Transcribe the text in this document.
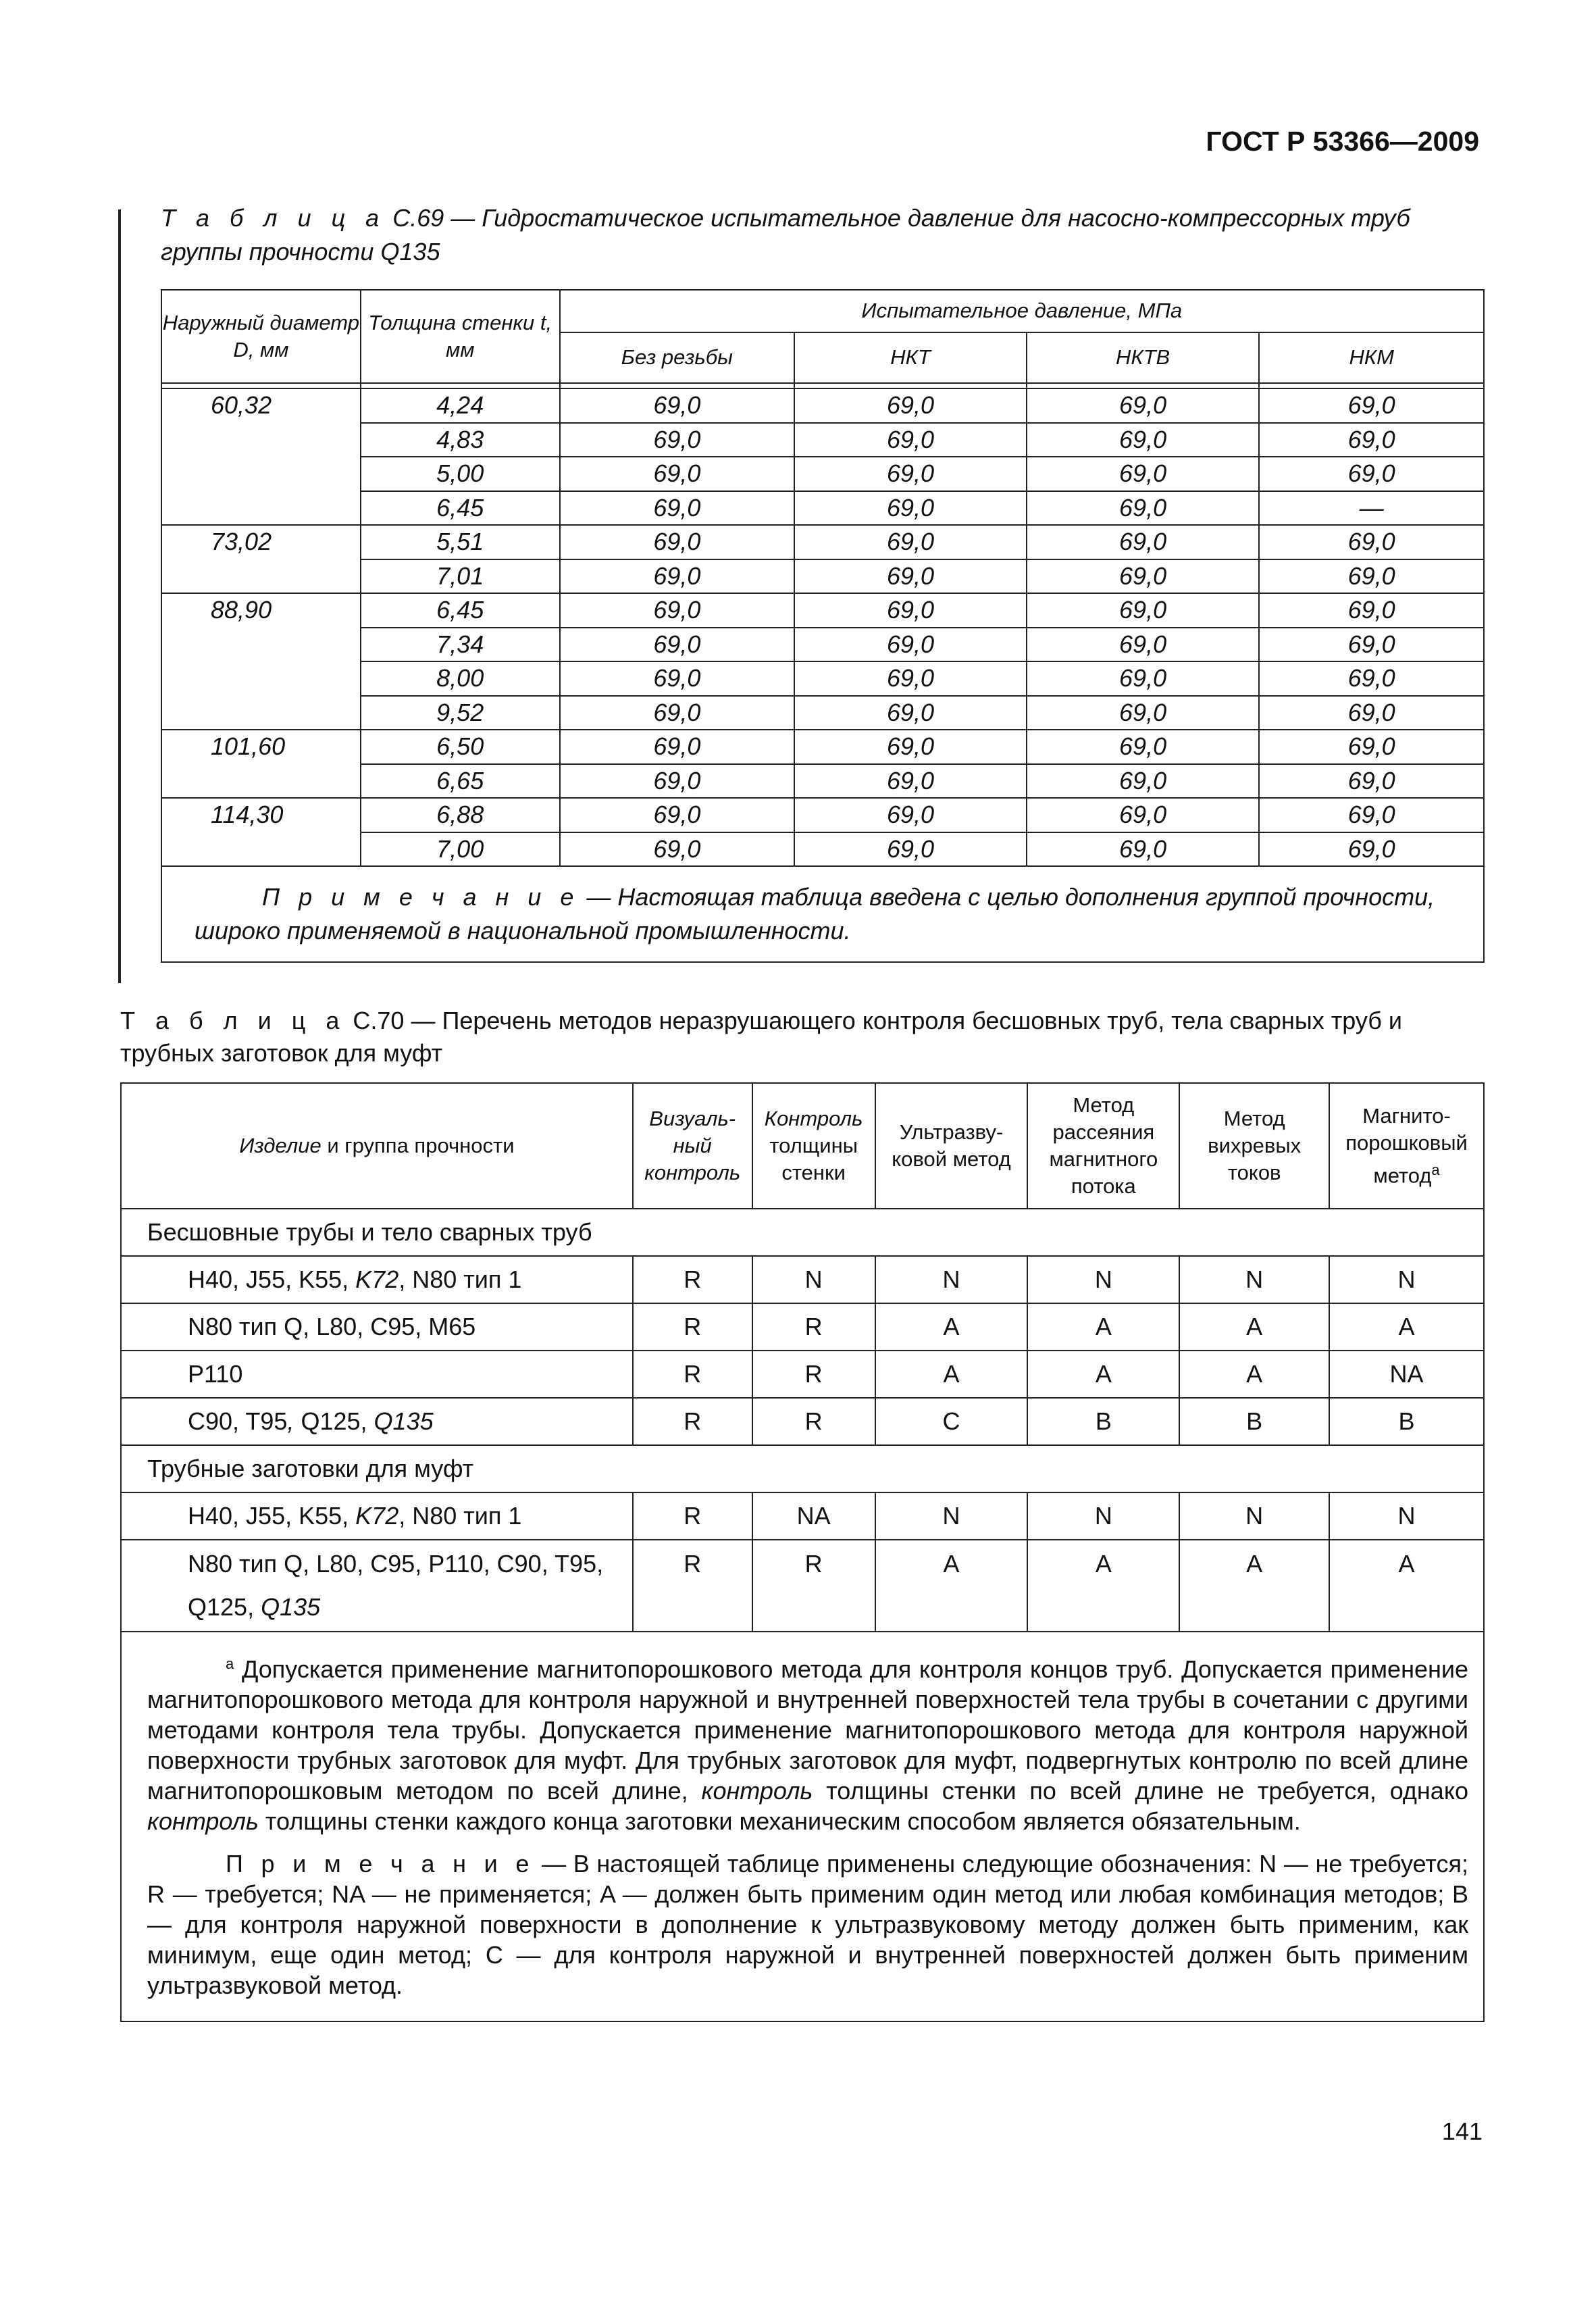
ГОСТ Р 53366—2009
Т а б л и ц а С.69 — Гидростатическое испытательное давление для насосно-компрессорных труб группы прочности Q135
Наружный диаметр D, мм	Толщина стенки t, мм	Испытательное давление, МПа			
		Без резьбы	НКТ	НКТВ	НКМ

60,32	4,24	69,0	69,0	69,0	69,0
	4,83	69,0	69,0	69,0	69,0
	5,00	69,0	69,0	69,0	69,0
	6,45	69,0	69,0	69,0	—
73,02	5,51	69,0	69,0	69,0	69,0
	7,01	69,0	69,0	69,0	69,0
88,90	6,45	69,0	69,0	69,0	69,0
	7,34	69,0	69,0	69,0	69,0
	8,00	69,0	69,0	69,0	69,0
	9,52	69,0	69,0	69,0	69,0
101,60	6,50	69,0	69,0	69,0	69,0
	6,65	69,0	69,0	69,0	69,0
114,30	6,88	69,0	69,0	69,0	69,0
	7,00	69,0	69,0	69,0	69,0
П р и м е ч а н и е — Настоящая таблица введена с целью дополнения группой прочности, широко применяемой в национальной промышленности.					
Т а б л и ц а С.70 — Перечень методов неразрушающего контроля бесшовных труб, тела сварных труб и трубных заготовок для муфт
Изделие и группа прочности	Визуаль-ный контроль	Контроль толщины стенки	Ультразву-ковой метод	Метод рассеяния магнитного потока	Метод вихревых токов	Магнито-порошковый метод$^a$
Бесшовные трубы и тело сварных труб						
H40, J55, K55, K72, N80 тип 1	R	N	N	N	N	N
N80 тип Q, L80, C95, M65	R	R	A	A	A	A
P110	R	R	A	A	A	NA
C90, T95, Q125, Q135	R	R	C	B	B	B
Трубные заготовки для муфт						
H40, J55, K55, K72, N80 тип 1	R	NA	N	N	N	N
N80 тип Q, L80, C95, P110, C90, T95,
Q125, Q135	R	R	A	A	A	A

$^a$ Допускается применение магнитопорошкового метода для контроля концов труб. Допускается применение магнитопорошкового метода для контроля наружной и внутренней поверхностей тела трубы в сочетании с другими методами контроля тела трубы. Допускается применение магнитопорошкового метода для контроля наружной поверхности трубных заготовок для муфт. Для трубных заготовок для муфт, подвергнутых контролю по всей длине магнитопорошковым методом по всей длине, контроль толщины стенки по всей длине не требуется, однако контроль толщины стенки каждого конца заготовки механическим способом является обязательным.

П р и м е ч а н и е — В настоящей таблице применены следующие обозначения: N — не требуется; R — требуется; NA — не применяется; A — должен быть применим один метод или любая комбинация методов; B — для контроля наружной поверхности в дополнение к ультразвуковому методу должен быть применим, как минимум, еще один метод; C — для контроля наружной и внутренней поверхностей должен быть применим ультразвуковой метод.						

141
